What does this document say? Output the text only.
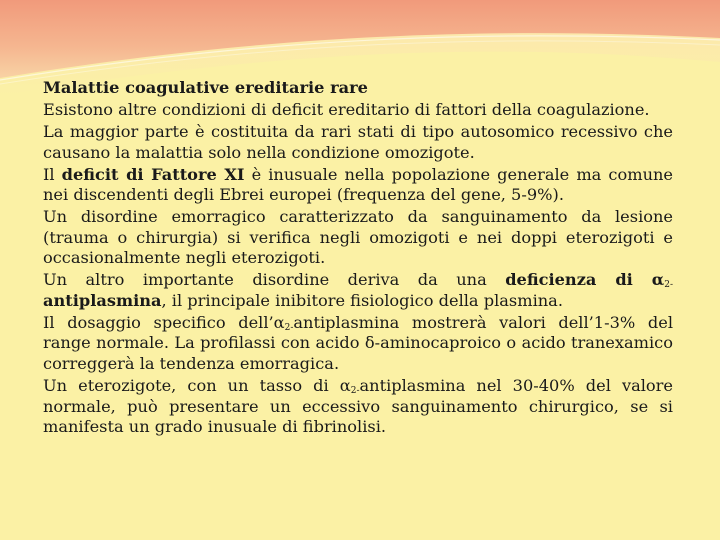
Malattie coagulative ereditarie rare

Esistono altre condizioni di deficit ereditario di fattori della coagulazione.

La maggior parte è costituita da rari stati di tipo autosomico recessivo che causano la malattia solo nella condizione omozigote.

Il deficit di Fattore XI è inusuale nella popolazione generale ma comune nei discendenti degli Ebrei europei (frequenza del gene, 5-9%).

Un disordine emorragico caratterizzato da sanguinamento da lesione (trauma o chirurgia) si verifica negli omozigoti e nei doppi eterozigoti e occasionalmente negli eterozigoti.

Un altro importante disordine deriva da una deficienza di $\alpha_{2-}antiplasmina$, il principale inibitore fisiologico della plasmina.

Il dosaggio specifico $dell’\alpha_{2-}antiplasmina$ mostrerà valori dell’1-3% del range normale. La profilassi con acido δ-aminocaproico o acido tranexamico correggerà la tendenza emorragica.

Un eterozigote, con un tasso di $\alpha_{2-}antiplasmina$ nel 30-40% del valore normale, può presentare un eccessivo sanguinamento chirurgico, se si manifesta un grado inusuale di fibrinolisi.
